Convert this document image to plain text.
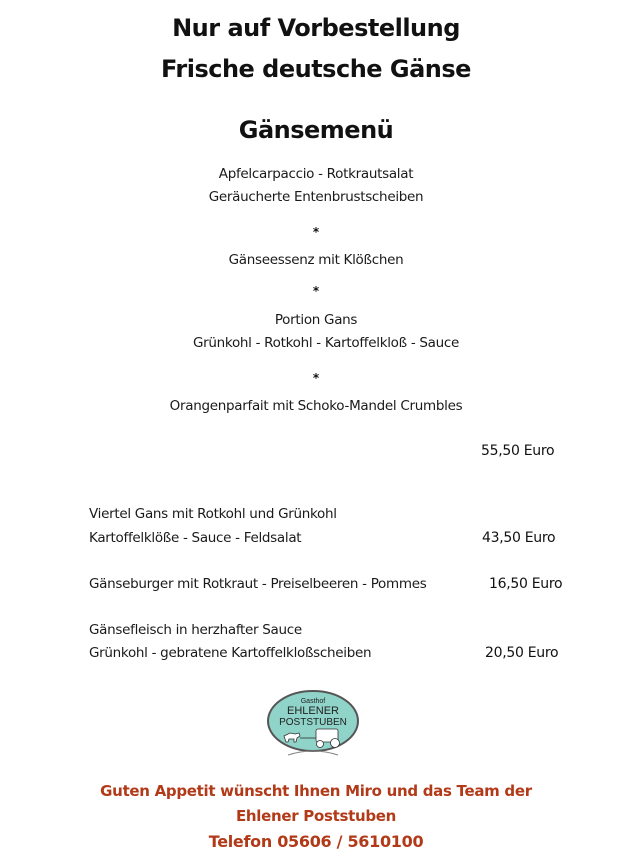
Nur auf Vorbestellung
Frische deutsche Gänse
Gänsemenü
Apfelcarpaccio - Rotkrautsalat
Geräucherte Entenbrustscheiben
*
Gänseessenz mit Klößchen
*
Portion Gans
Grünkohl - Rotkohl - Kartoffelkloß - Sauce
*
Orangenparfait mit Schoko-Mandel Crumbles
55,50 Euro
Viertel Gans mit Rotkohl und Grünkohl
Kartoffelklöße - Sauce - Feldsalat	43,50 Euro
Gänseburger mit Rotkraut - Preiselbeeren - Pommes	16,50 Euro
Gänsefleisch in herzhafter Sauce
Grünkohl - gebratene Kartoffelkloßscheiben	20,50 Euro
Gasthof
EHLENER
POSTSTUBEN
Guten Appetit wünscht Ihnen Miro und das Team der
Ehlener Poststuben
Telefon 05606 / 5610100
